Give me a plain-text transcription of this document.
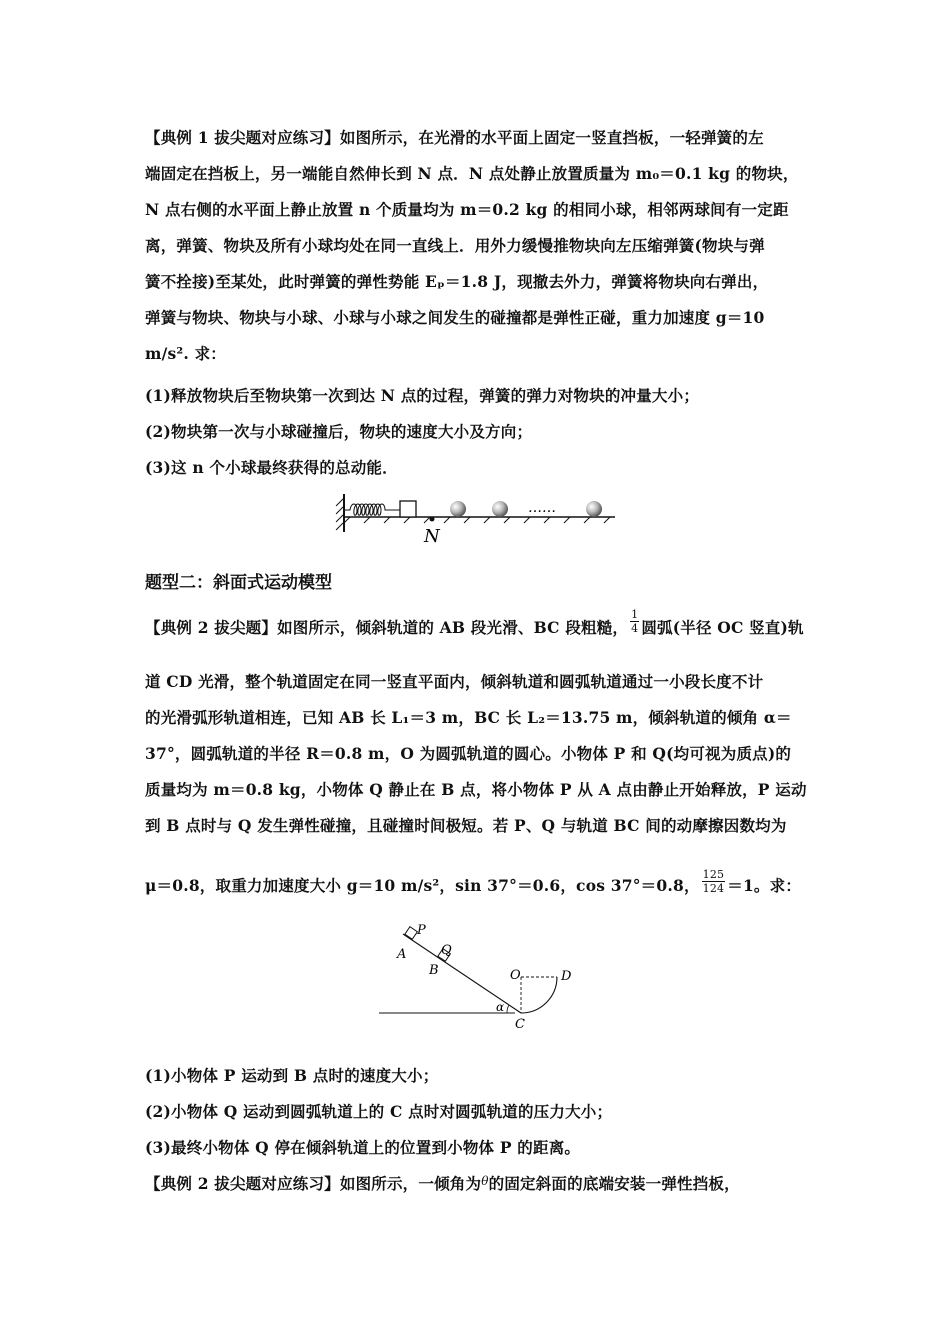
【典例 1 拔尖题对应练习】如图所示，在光滑的水平面上固定一竖直挡板，一轻弹簧的左
端固定在挡板上，另一端能自然伸长到 N 点．N 点处静止放置质量为 m₀＝0.1 kg 的物块，
N 点右侧的水平面上静止放置 n 个质量均为 m＝0.2 kg 的相同小球，相邻两球间有一定距
离，弹簧、物块及所有小球均处在同一直线上．用外力缓慢推物块向左压缩弹簧(物块与弹
簧不拴接)至某处，此时弹簧的弹性势能 Eₚ＝1.8 J，现撤去外力，弹簧将物块向右弹出，
弹簧与物块、物块与小球、小球与小球之间发生的碰撞都是弹性正碰，重力加速度 g＝10
m/s². 求：
(1)释放物块后至物块第一次到达 N 点的过程，弹簧的弹力对物块的冲量大小；
(2)物块第一次与小球碰撞后，物块的速度大小及方向；
(3)这 n 个小球最终获得的总动能．
N
……
题型二：斜面式运动模型
【典例 2 拔尖题】如图所示，倾斜轨道的 AB 段光滑、BC 段粗糙， $\frac{1}{4}$ 圆弧(半径 OC 竖直)轨
道 CD 光滑，整个轨道固定在同一竖直平面内，倾斜轨道和圆弧轨道通过一小段长度不计
的光滑弧形轨道相连，已知 AB 长 L₁＝3 m，BC 长 L₂＝13.75 m，倾斜轨道的倾角 α＝
37°，圆弧轨道的半径 R＝0.8 m，O 为圆弧轨道的圆心。小物体 P 和 Q(均可视为质点)的
质量均为 m＝0.8 kg，小物体 Q 静止在 B 点，将小物体 P 从 A 点由静止开始释放，P 运动
到 B 点时与 Q 发生弹性碰撞，且碰撞时间极短。若 P、Q 与轨道 BC 间的动摩擦因数均为
μ＝0.8，取重力加速度大小 g＝10 m/s²，sin 37°＝0.6，cos 37°＝0.8， $\frac{125}{124} =1$。求：
P
Q
A
B	O	D
C
α
(1)小物体 P 运动到 B 点时的速度大小；
(2)小物体 Q 运动到圆弧轨道上的 C 点时对圆弧轨道的压力大小；
(3)最终小物体 Q 停在倾斜轨道上的位置到小物体 P 的距离。
【典例 2 拔尖题对应练习】如图所示，一倾角为$^\theta$的固定斜面的底端安装一弹性挡板，
